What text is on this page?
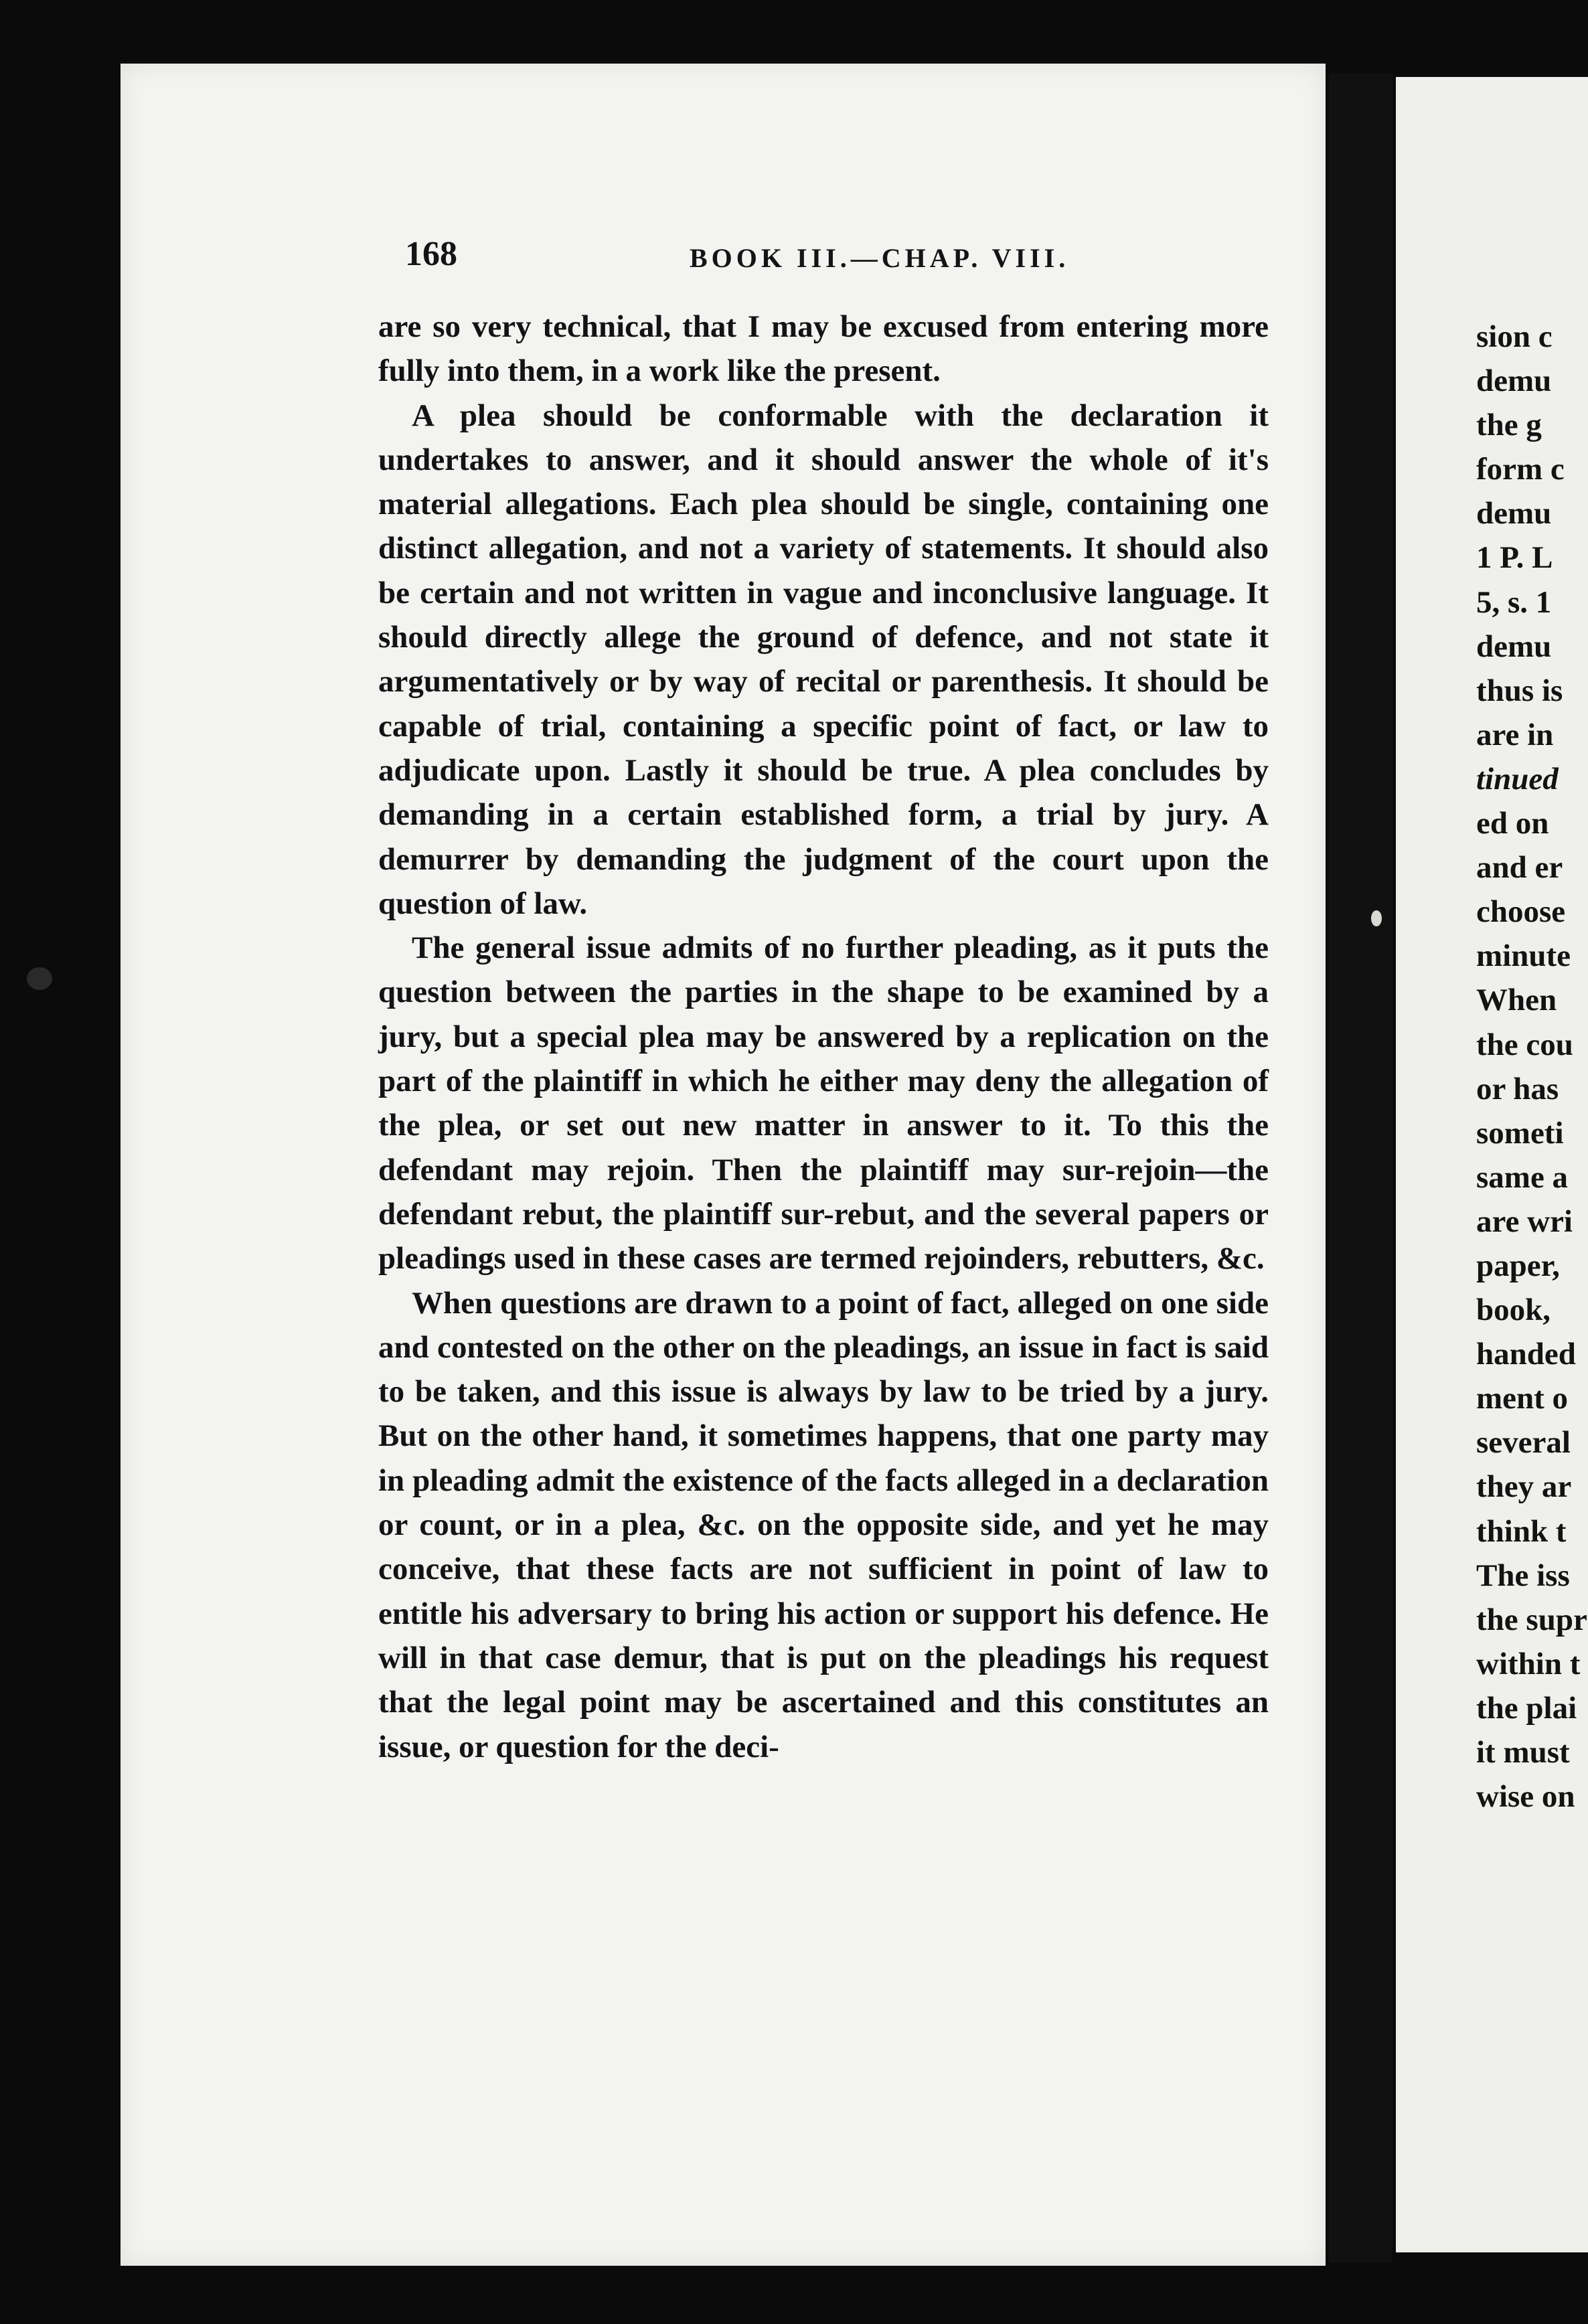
168	BOOK III.—CHAP. VIII.

are so very technical, that I may be excused from entering more fully into them, in a work like the present.

A plea should be conformable with the declaration it undertakes to answer, and it should answer the whole of it's material allegations. Each plea should be single, containing one distinct allegation, and not a variety of statements. It should also be certain and not written in vague and inconclusive language. It should directly allege the ground of defence, and not state it argumentatively or by way of recital or parenthesis. It should be capable of trial, containing a specific point of fact, or law to adjudicate upon. Lastly it should be true. A plea concludes by demanding in a certain established form, a trial by jury. A demurrer by demanding the judgment of the court upon the question of law.

The general issue admits of no further pleading, as it puts the question between the parties in the shape to be examined by a jury, but a special plea may be answered by a replication on the part of the plaintiff in which he either may deny the allegation of the plea, or set out new matter in answer to it. To this the defendant may rejoin. Then the plaintiff may sur-rejoin—the defendant rebut, the plaintiff sur-rebut, and the several papers or pleadings used in these cases are termed rejoinders, rebutters, &c.

When questions are drawn to a point of fact, alleged on one side and contested on the other on the pleadings, an issue in fact is said to be taken, and this issue is always by law to be tried by a jury. But on the other hand, it sometimes happens, that one party may in pleading admit the existence of the facts alleged in a declaration or count, or in a plea, &c. on the opposite side, and yet he may conceive, that these facts are not sufficient in point of law to entitle his adversary to bring his action or support his defence. He will in that case demur, that is put on the pleadings his request that the legal point may be ascertained and this constitutes an issue, or question for the deci-

sion c
demu
the g
form c
demu
1 P. L
5, s. 1
demu
thus is
are in
tinued
ed on
and er
choose
minute
When
the cou
or has
someti
same a
are wri
paper,
book,
handed
ment o
several
they ar
think t
The iss
the supr
within t
the plai
it must
wise on
